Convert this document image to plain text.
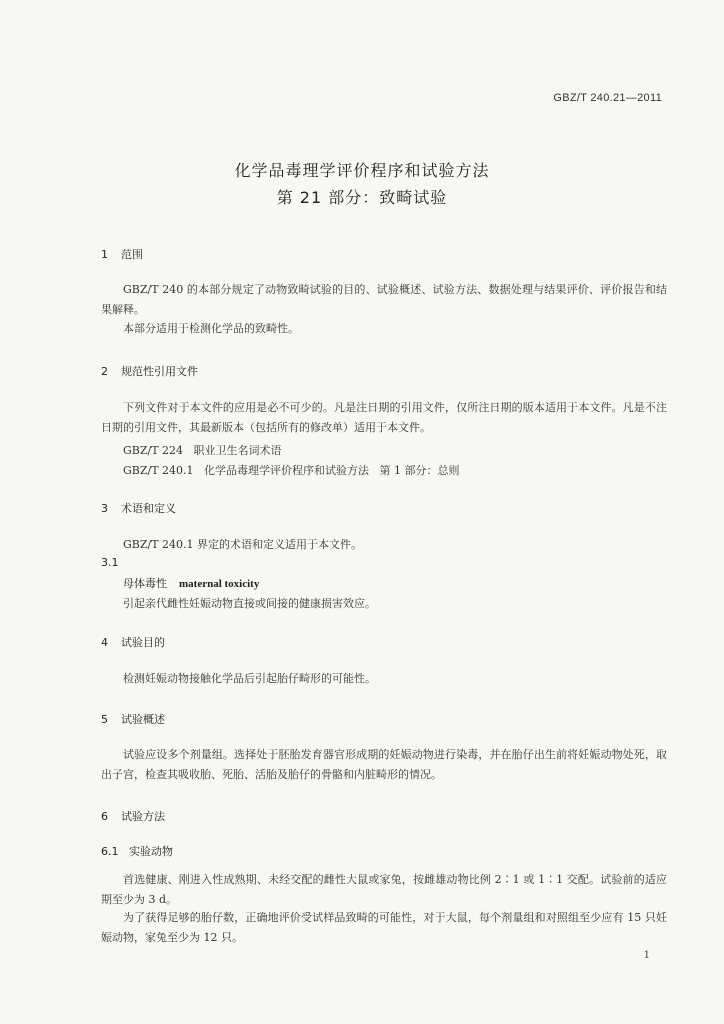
GBZ/T 240.21—2011
化学品毒理学评价程序和试验方法
第 21 部分：致畸试验
1 范围
GBZ/T 240 的本部分规定了动物致畸试验的目的、试验概述、试验方法、数据处理与结果评价、评价报告和结果解释。
本部分适用于检测化学品的致畸性。
2 规范性引用文件
下列文件对于本文件的应用是必不可少的。凡是注日期的引用文件，仅所注日期的版本适用于本文件。凡是不注日期的引用文件，其最新版本（包括所有的修改单）适用于本文件。
GBZ/T 224   职业卫生名词术语
GBZ/T 240.1   化学品毒理学评价程序和试验方法   第 1 部分：总则
3 术语和定义
GBZ/T 240.1 界定的术语和定义适用于本文件。
3.1
母体毒性 maternal toxicity
引起亲代雌性妊娠动物直接或间接的健康损害效应。
4 试验目的
检测妊娠动物接触化学品后引起胎仔畸形的可能性。
5 试验概述
试验应设多个剂量组。选择处于胚胎发育器官形成期的妊娠动物进行染毒，并在胎仔出生前将妊娠动物处死，取出子宫，检查其吸收胎、死胎、活胎及胎仔的骨骼和内脏畸形的情况。
6 试验方法
6.1 实验动物
首选健康、刚进入性成熟期、未经交配的雌性大鼠或家兔，按雌雄动物比例 2∶1 或 1∶1 交配。试验前的适应期至少为 3 d。
为了获得足够的胎仔数，正确地评价受试样品致畸的可能性，对于大鼠，每个剂量组和对照组至少应有 15 只妊娠动物，家兔至少为 12 只。
1
